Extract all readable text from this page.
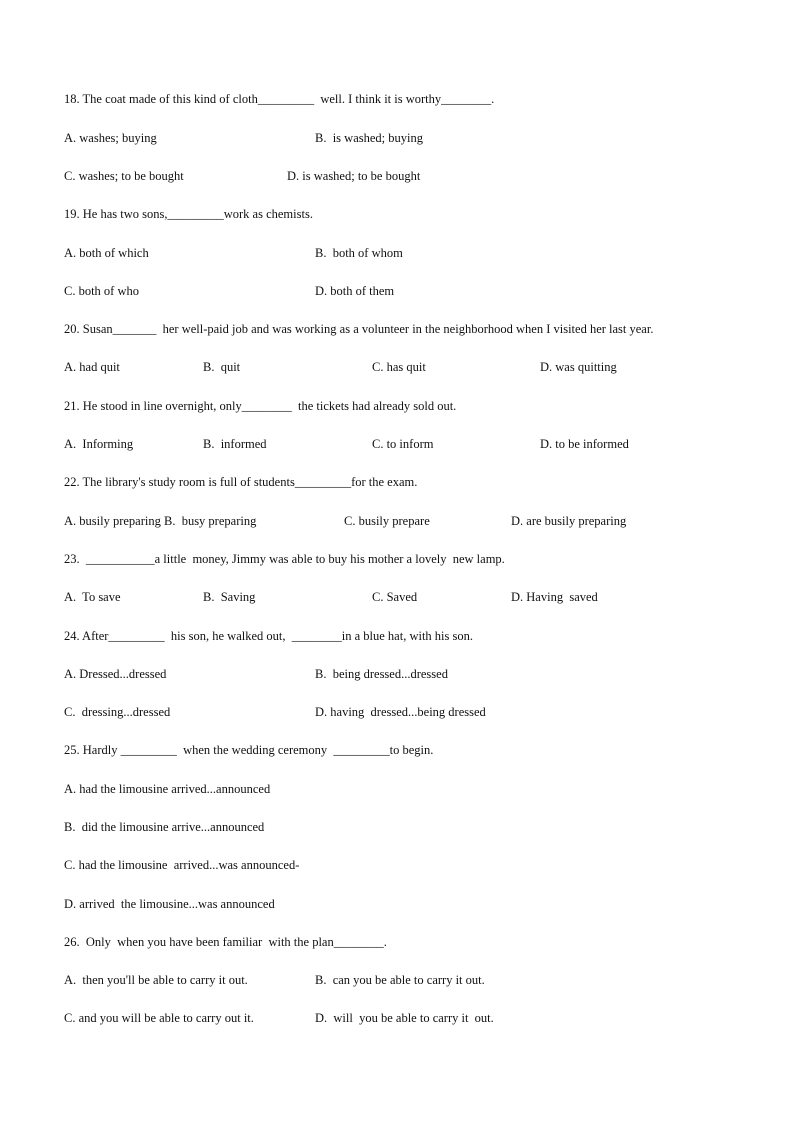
18. The coat made of this kind of cloth_________  well. I think it is worthy________.
A. washes; buying	B.  is washed; buying
C. washes; to be bought	D. is washed; to be bought
19. He has two sons,_________work as chemists.
A. both of which	B.  both of whom
C. both of who	D. both of them
20. Susan_______  her well-paid job and was working as a volunteer in the neighborhood when I visited her last year.
A. had quit	B.  quit	C. has quit	D. was quitting
21. He stood in line overnight, only________  the tickets had already sold out.
A.  Informing	B.  informed	C. to inform	D. to be informed
22. The library's study room is full of students_________for the exam.
A. busily preparing B.  busy preparing	C. busily prepare	D. are busily preparing
23.  ___________a little  money, Jimmy was able to buy his mother a lovely  new lamp.
A.  To save	B.  Saving	C. Saved	D. Having  saved
24. After_________  his son, he walked out,  ________in a blue hat, with his son.
A. Dressed...dressed	B.  being dressed...dressed
C.  dressing...dressed	D. having  dressed...being dressed
25. Hardly _________  when the wedding ceremony  _________to begin.
A. had the limousine arrived...announced
B.  did the limousine arrive...announced
C. had the limousine  arrived...was announced-
D. arrived  the limousine...was announced
26.  Only  when you have been familiar  with the plan________.
A.  then you'll be able to carry it out.	B.  can you be able to carry it out.
C. and you will be able to carry out it.	D.  will  you be able to carry it  out.
